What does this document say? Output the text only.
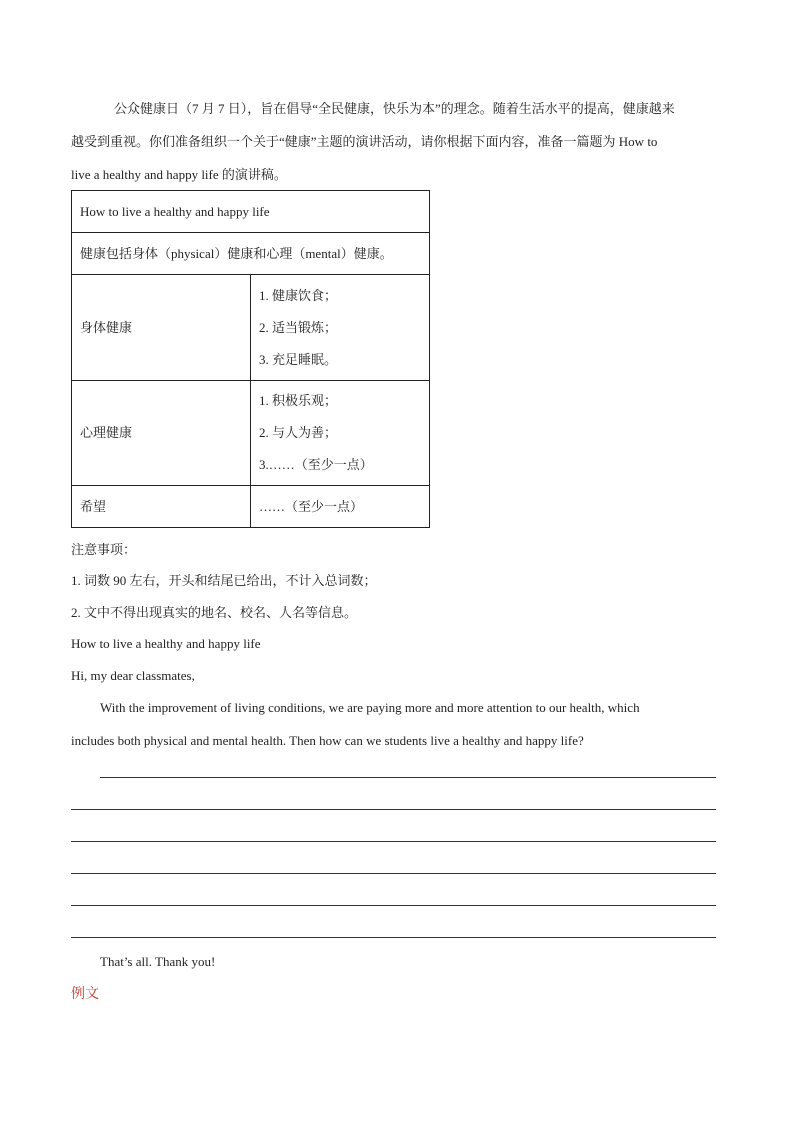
公众健康日（7 月 7 日），旨在倡导“全民健康，快乐为本”的理念。随着生活水平的提高，健康越来
越受到重视。你们准备组织一个关于“健康”主题的演讲活动，请你根据下面内容，准备一篇题为 How to
live a healthy and happy life 的演讲稿。
How to live a healthy and happy life	
健康包括身体（physical）健康和心理（mental）健康。	
身体健康	1. 健康饮食；
2. 适当锻炼；
3. 充足睡眠。

心理健康	1. 积极乐观；
2. 与人为善；
3.……（至少一点）

希望	……（至少一点）
注意事项：
1. 词数 90 左右，开头和结尾已给出，不计入总词数；
2. 文中不得出现真实的地名、校名、人名等信息。
How to live a healthy and happy life
Hi, my dear classmates,
With the improvement of living conditions, we are paying more and more attention to our health, which
includes both physical and mental health. Then how can we students live a healthy and happy life?
That’s all. Thank you!
例文
